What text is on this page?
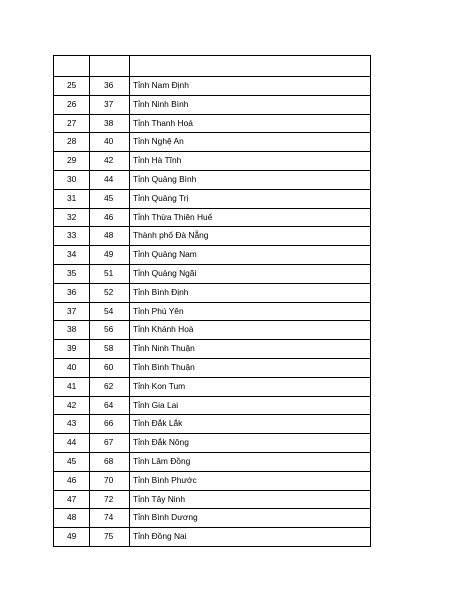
25	36	Tỉnh Nam Định
26	37	Tỉnh Ninh Bình
27	38	Tỉnh Thanh Hoá
28	40	Tỉnh Nghệ An
29	42	Tỉnh Hà Tĩnh
30	44	Tỉnh Quảng Bình
31	45	Tỉnh Quảng Trị
32	46	Tỉnh Thừa Thiên Huế
33	48	Thành phố Đà Nẵng
34	49	Tỉnh Quảng Nam
35	51	Tỉnh Quảng Ngãi
36	52	Tỉnh Bình Định
37	54	Tỉnh Phú Yên
38	56	Tỉnh Khánh Hoà
39	58	Tỉnh Ninh Thuận
40	60	Tỉnh Bình Thuận
41	62	Tỉnh Kon Tum
42	64	Tỉnh Gia Lai
43	66	Tỉnh Đắk Lắk
44	67	Tỉnh Đắk Nông
45	68	Tỉnh Lâm Đồng
46	70	Tỉnh Bình Phước
47	72	Tỉnh Tây Ninh
48	74	Tỉnh Bình Dương
49	75	Tỉnh Đồng Nai
